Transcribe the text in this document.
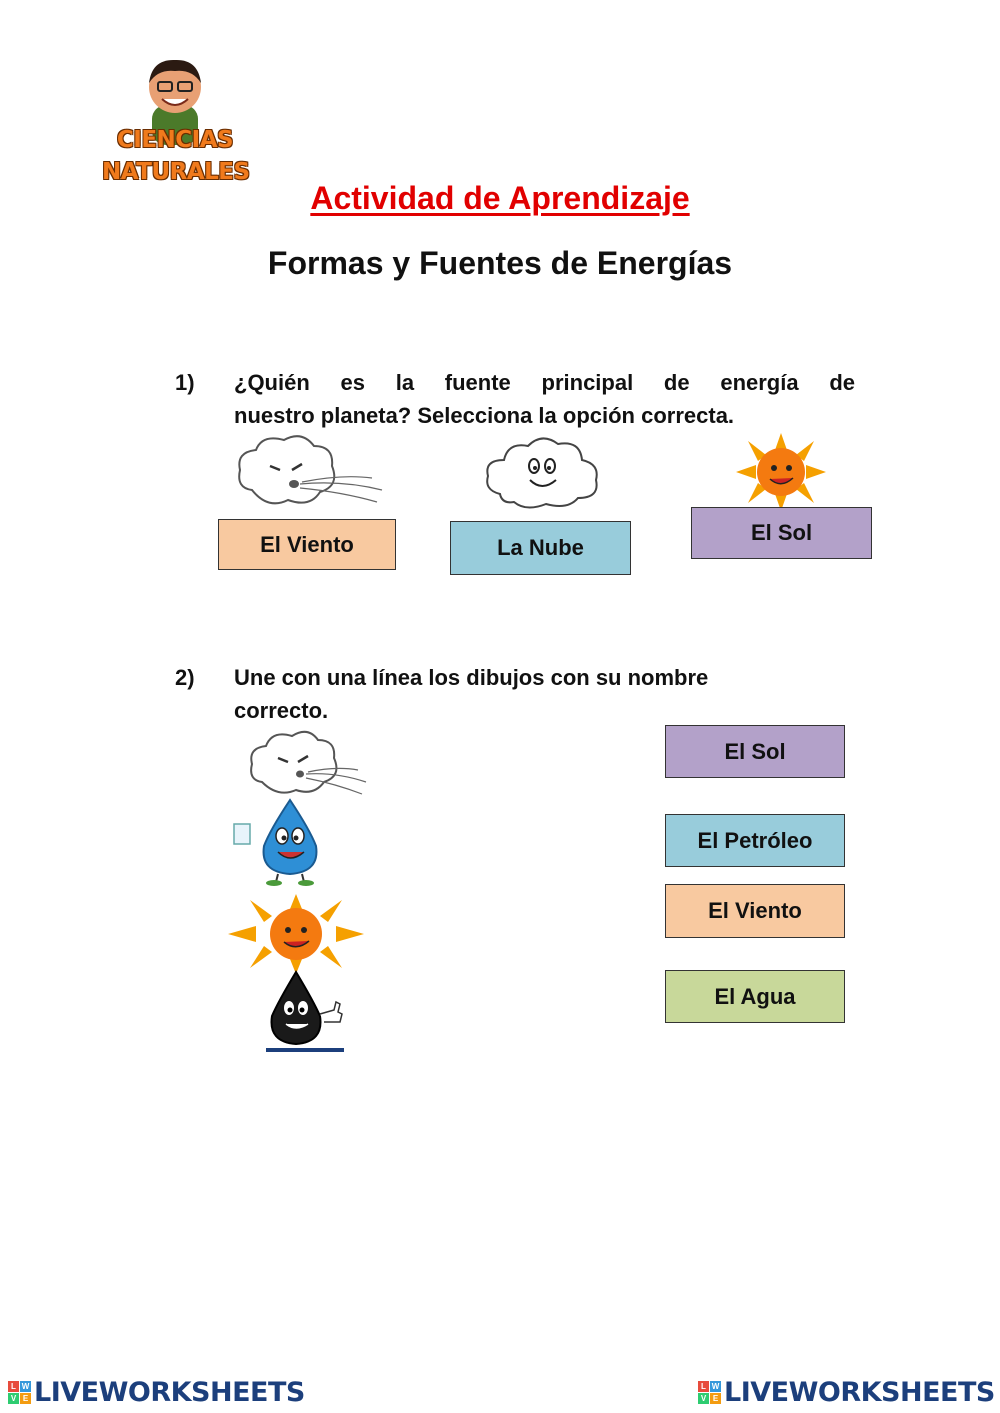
CIENCIAS
NATURALES
Actividad de Aprendizaje
Formas y Fuentes de Energías
1) ¿Quién es la fuente principal de energía de
nuestro planeta? Selecciona la opción correcta.
El Viento	La Nube
El Sol
2) Une con una línea los dibujos con su nombre
correcto.
El Sol
El Petróleo
El Viento
El Agua
L W
V E LIVEWORKSHEETS	L W
V E LIVEWORKSHEETS
